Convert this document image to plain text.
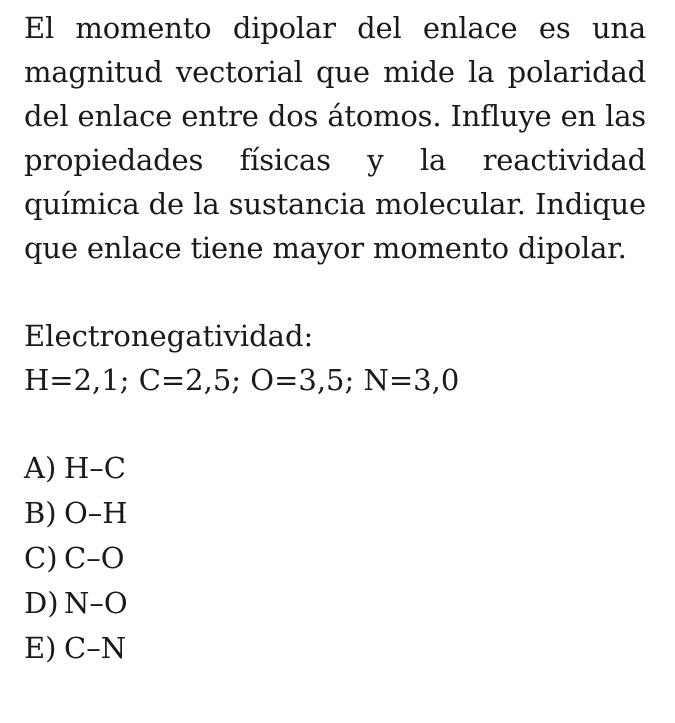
El momento dipolar del enlace es una magnitud vectorial que mide la polaridad del enlace entre dos átomos. Influye en las propiedades físicas y la reactividad química de la sustancia molecular. Indique que enlace tiene mayor momento dipolar.

Electronegatividad:
H=2,1; C=2,5; O=3,5; N=3,0
A) H–C
B) O–H
C) C–O
D) N–O
E) C–N
